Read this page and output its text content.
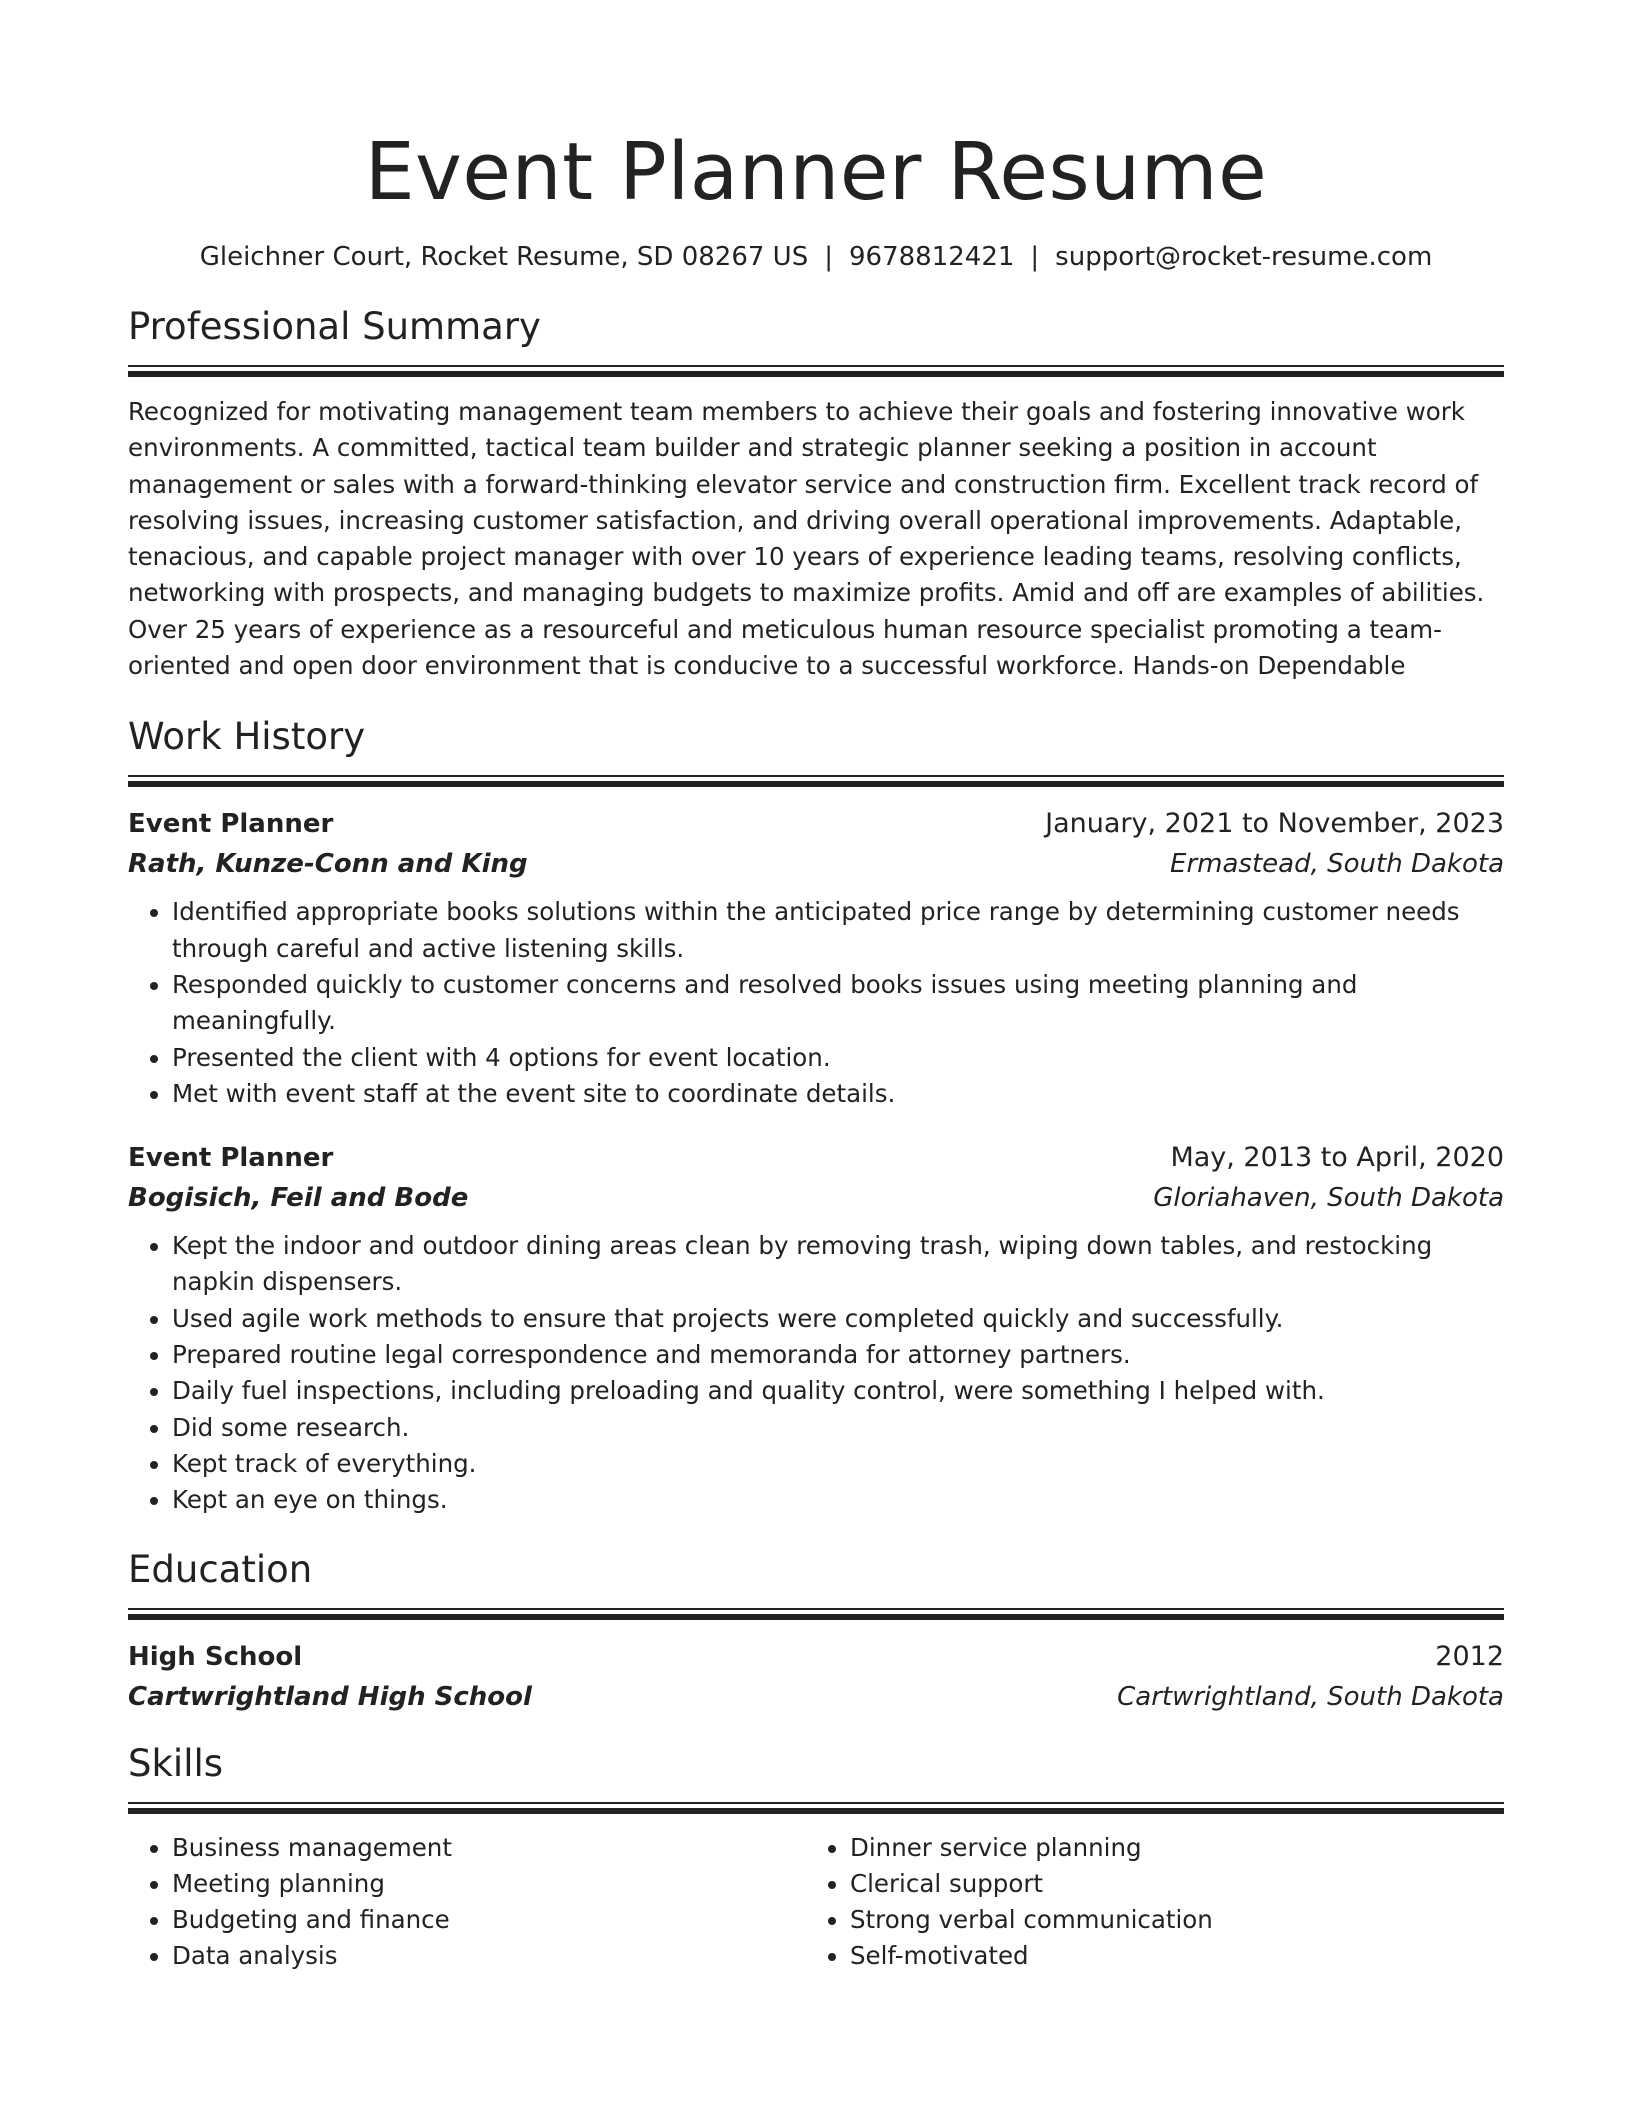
Event Planner Resume
Gleichner Court, Rocket Resume, SD 08267 US | 9678812421 | support@rocket-resume.com
Professional Summary

Recognized for motivating management team members to achieve their goals and fostering innovative work environments. A committed, tactical team builder and strategic planner seeking a position in account management or sales with a forward-thinking elevator service and construction firm. Excellent track record of resolving issues, increasing customer satisfaction, and driving overall operational improvements. Adaptable, tenacious, and capable project manager with over 10 years of experience leading teams, resolving conflicts, networking with prospects, and managing budgets to maximize profits. Amid and off are examples of abilities. Over 25 years of experience as a resourceful and meticulous human resource specialist promoting a team-oriented and open door environment that is conducive to a successful workforce. Hands-on Dependable

Work History
Event Planner	January, 2021 to November, 2023
Rath, Kunze-Conn and King	Ermastead, South Dakota
• Identified appropriate books solutions within the anticipated price range by determining customer needs through careful and active listening skills.
• Responded quickly to customer concerns and resolved books issues using meeting planning and meaningfully.
• Presented the client with 4 options for event location.
• Met with event staff at the event site to coordinate details.
Event Planner	May, 2013 to April, 2020
Bogisich, Feil and Bode	Gloriahaven, South Dakota
• Kept the indoor and outdoor dining areas clean by removing trash, wiping down tables, and restocking napkin dispensers.
• Used agile work methods to ensure that projects were completed quickly and successfully.
• Prepared routine legal correspondence and memoranda for attorney partners.
• Daily fuel inspections, including preloading and quality control, were something I helped with.
• Did some research.
• Kept track of everything.
• Kept an eye on things.
Education
High School	2012
Cartwrightland High School	Cartwrightland, South Dakota
Skills
• Business management
• Meeting planning
• Budgeting and finance
• Data analysis
• Dinner service planning
• Clerical support
• Strong verbal communication
• Self-motivated
